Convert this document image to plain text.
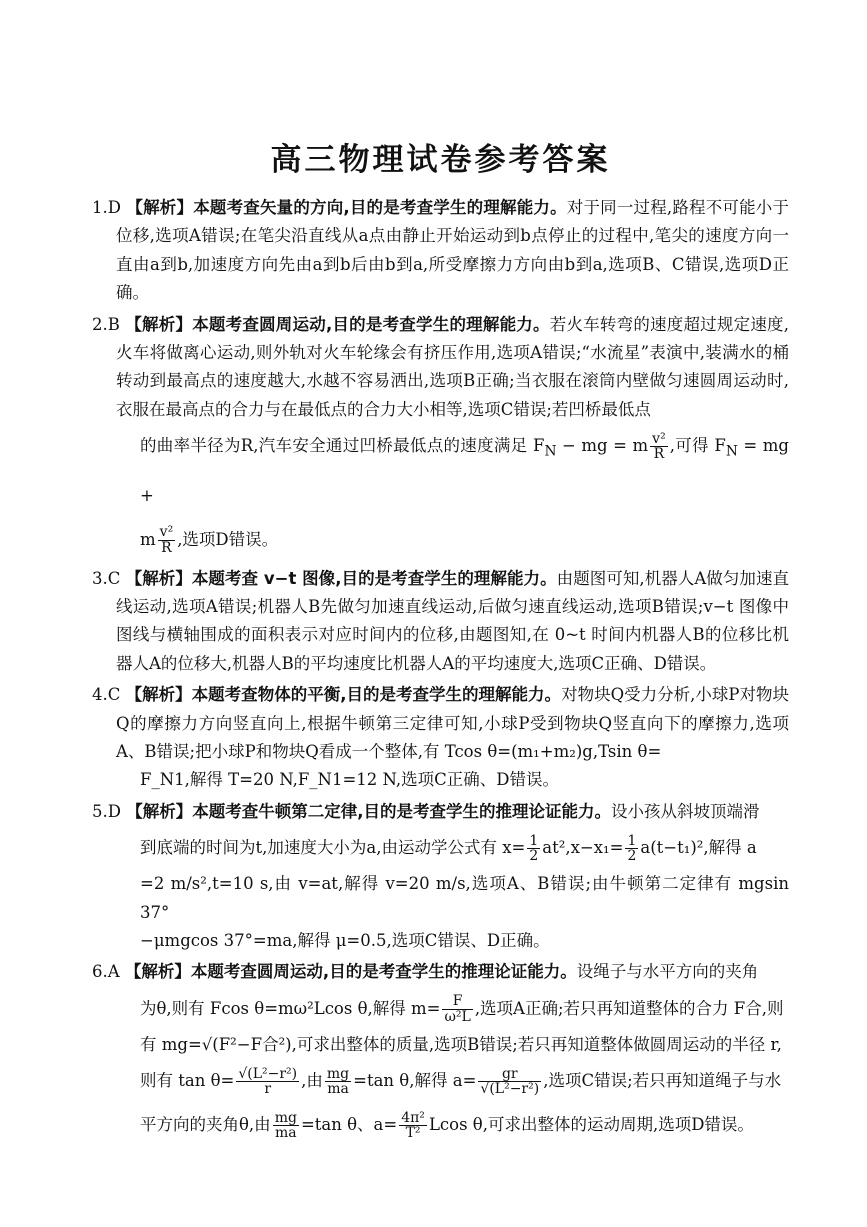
高三物理试卷参考答案

1.D 【解析】本题考查矢量的方向,目的是考查学生的理解能力。对于同一过程,路程不可能小于位移,选项A错误;在笔尖沿直线从a点由静止开始运动到b点停止的过程中,笔尖的速度方向一直由a到b,加速度方向先由a到b后由b到a,所受摩擦力方向由b到a,选项B、C错误,选项D正确。

2.B 【解析】本题考查圆周运动,目的是考查学生的理解能力。若火车转弯的速度超过规定速度,火车将做离心运动,则外轨对火车轮缘会有挤压作用,选项A错误;“水流星”表演中,装满水的桶转动到最高点的速度越大,水越不容易洒出,选项B正确;当衣服在滚筒内壁做匀速圆周运动时,衣服在最高点的合力与在最低点的合力大小相等,选项C错误;若凹桥最低点

的曲率半径为R,汽车安全通过凹桥最低点的速度满足 $F_N$ − mg = m $\frac{\text{v²}}{R}$ ,可得 $F_N$ = mg +

m $\frac{\text{v²}}{R}$ ,选项D错误。

3.C 【解析】本题考查 v−t 图像,目的是考查学生的理解能力。由题图可知,机器人A做匀加速直线运动,选项A错误;机器人B先做匀加速直线运动,后做匀速直线运动,选项B错误;v−t 图像中图线与横轴围成的面积表示对应时间内的位移,由题图知,在 0~t 时间内机器人B的位移比机器人A的位移大,机器人B的平均速度比机器人A的平均速度大,选项C正确、D错误。

4.C 【解析】本题考查物体的平衡,目的是考查学生的理解能力。对物块Q受力分析,小球P对物块Q的摩擦力方向竖直向上,根据牛顿第三定律可知,小球P受到物块Q竖直向下的摩擦力,选项A、B错误;把小球P和物块Q看成一个整体,有 Tcos θ=(m₁+m₂)g,Tsin θ=

F_N1,解得 T=20 N,F_N1=12 N,选项C正确、D错误。

5.D 【解析】本题考查牛顿第二定律,目的是考查学生的推理论证能力。设小孩从斜坡顶端滑

到底端的时间为t,加速度大小为a,由运动学公式有 $x= \frac{1}{2} at^2,x-x_1= \frac{1}{2} a(t-t_1)^2$,解得 a

=2 m/s²,t=10 s,由 v=at,解得 v=20 m/s,选项A、B错误;由牛顿第二定律有 mgsin 37°

−μmgcos 37°=ma,解得 μ=0.5,选项C错误、D正确。

6.A 【解析】本题考查圆周运动,目的是考查学生的推理论证能力。设绳子与水平方向的夹角

为θ,则有 Fcos θ=mω²Lcos θ,解得 $m= \frac{F}{\text{ω²L}}$ ,选项A正确;若只再知道整体的合力 F合,则

有 mg=√(F²−F合²),可求出整体的质量,选项B错误;若只再知道整体做圆周运动的半径 r,

则有 $\tan \theta= \frac{\text{√(L²−r²)}}{r}$ ,由 $\frac{mg}{ma} =\tan$ θ,解得 $a= \frac{gr}{\text{√(L²−r²)}}$ ,选项C错误;若只再知道绳子与水

平方向的夹角θ,由 $\frac{mg}{ma} =\tan$ θ、$a= \frac{\text{4π²}}{\text{T²}}$ Lcos θ,可求出整体的运动周期,选项D错误。
